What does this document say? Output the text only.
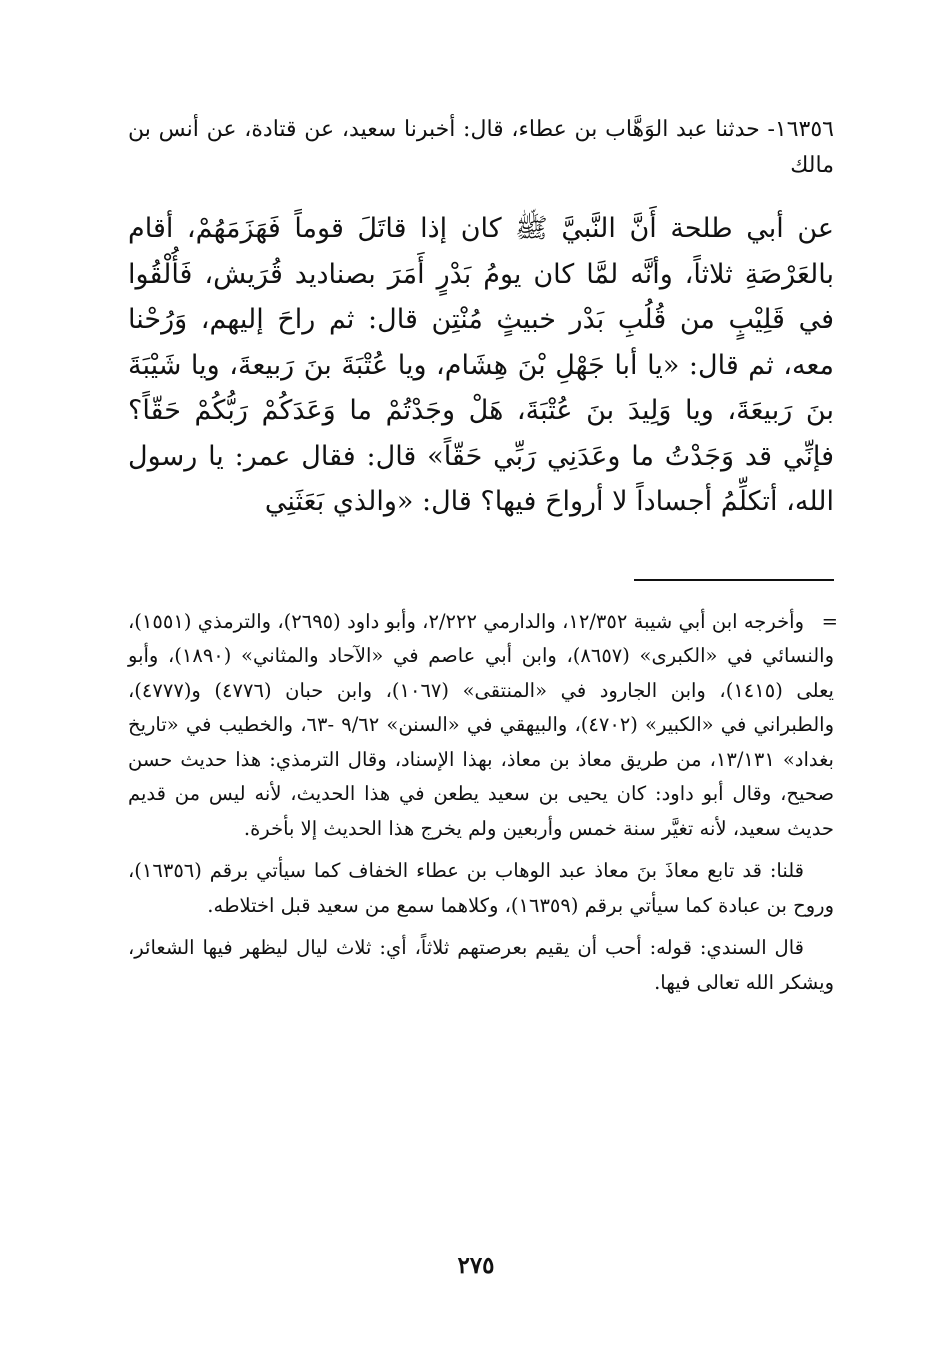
١٦٣٥٦- حدثنا عبد الوَهَّاب بن عطاء، قال: أخبرنا سعيد، عن قتادة، عن أنس بن مالك

عن أبي طلحة أَنَّ النَّبيَّ ﷺ كان إذا قاتَلَ قوماً فَهَزَمَهُمْ، أقام بالعَرْصَةِ ثلاثاً، وأنَّه لمَّا كان يومُ بَدْرٍ أَمَرَ بصناديد قُرَيش، فَأُلْقُوا في قَلِيْبٍ من قُلُبِ بَدْر خبيثٍ مُنْتِن قال: ثم راحَ إليهم، وَرُحْنا معه، ثم قال: «يا أبا جَهْلِ بْنَ هِشَام، ويا عُتْبَةَ بنَ رَبيعةَ، ويا شَيْبَةَ بنَ رَبيعَةَ، ويا وَلِيدَ بنَ عُتْبَةَ، هَلْ وجَدْتُمْ ما وَعَدَكُمْ رَبُّكُمْ حَقّاً؟ فإنِّي قد وَجَدْتُ ما وعَدَنِي رَبِّي حَقّاً» قال: فقال عمر: يا رسول الله، أتكلِّمُ أجساداً لا أرواحَ فيها؟ قال: «والذي بَعَثَنِي

=
وأخرجه ابن أبي شيبة ١٢/٣٥٢، والدارمي ٢/٢٢٢، وأبو داود (٢٦٩٥)، والترمذي (١٥٥١)، والنسائي في «الكبرى» (٨٦٥٧)، وابن أبي عاصم في «الآحاد والمثاني» (١٨٩٠)، وأبو يعلى (١٤١٥)، وابن الجارود في «المنتقى» (١٠٦٧)، وابن حبان (٤٧٧٦) و(٤٧٧٧)، والطبراني في «الكبير» (٤٧٠٢)، والبيهقي في «السنن» ٩/٦٢ -٦٣، والخطيب في «تاريخ بغداد» ١٣/١٣١، من طريق معاذ بن معاذ، بهذا الإسناد، وقال الترمذي: هذا حديث حسن صحيح، وقال أبو داود: كان يحيى بن سعيد يطعن في هذا الحديث، لأنه ليس من قديم حديث سعيد، لأنه تغيَّر سنة خمس وأربعين ولم يخرج هذا الحديث إلا بأخرة.

قلنا: قد تابع معاذَ بنَ معاذ عبد الوهاب بن عطاء الخفاف كما سيأتي برقم (١٦٣٥٦)، وروح بن عبادة كما سيأتي برقم (١٦٣٥٩)، وكلاهما سمع من سعيد قبل اختلاطه.

قال السندي: قوله: أحب أن يقيم بعرصتهم ثلاثاً، أي: ثلاث ليال ليظهر فيها الشعائر، ويشكر الله تعالى فيها.

٢٧٥
